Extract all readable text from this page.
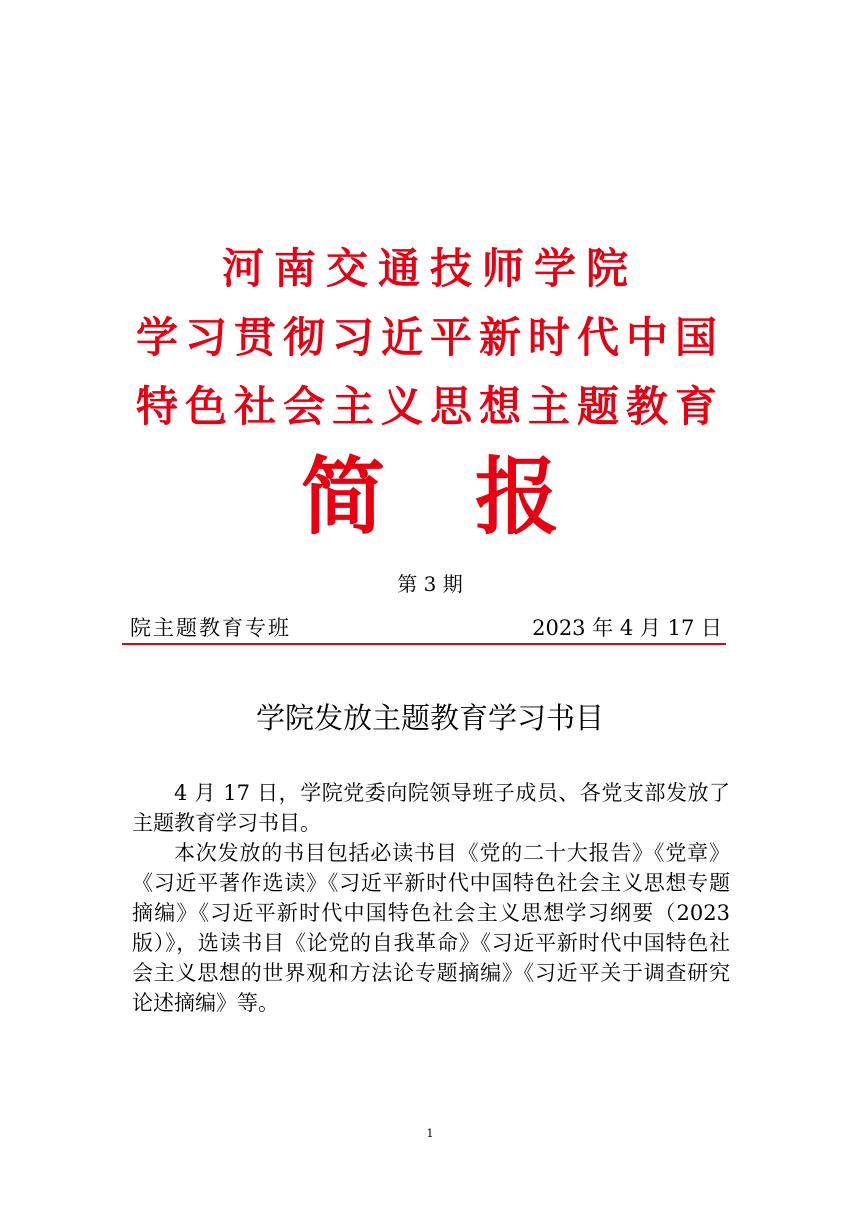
河南交通技师学院
学习贯彻习近平新时代中国
特色社会主义思想主题教育
简报
第 3 期
院主题教育专班	2023 年 4 月 17 日
学院发放主题教育学习书目

4 月 17 日，学院党委向院领导班子成员、各党支部发放了主题教育学习书目。

本次发放的书目包括必读书目《党的二十大报告》《党章》《习近平著作选读》《习近平新时代中国特色社会主义思想专题摘编》《习近平新时代中国特色社会主义思想学习纲要（2023 版）》，选读书目《论党的自我革命》《习近平新时代中国特色社会主义思想的世界观和方法论专题摘编》《习近平关于调查研究论述摘编》等。

1
